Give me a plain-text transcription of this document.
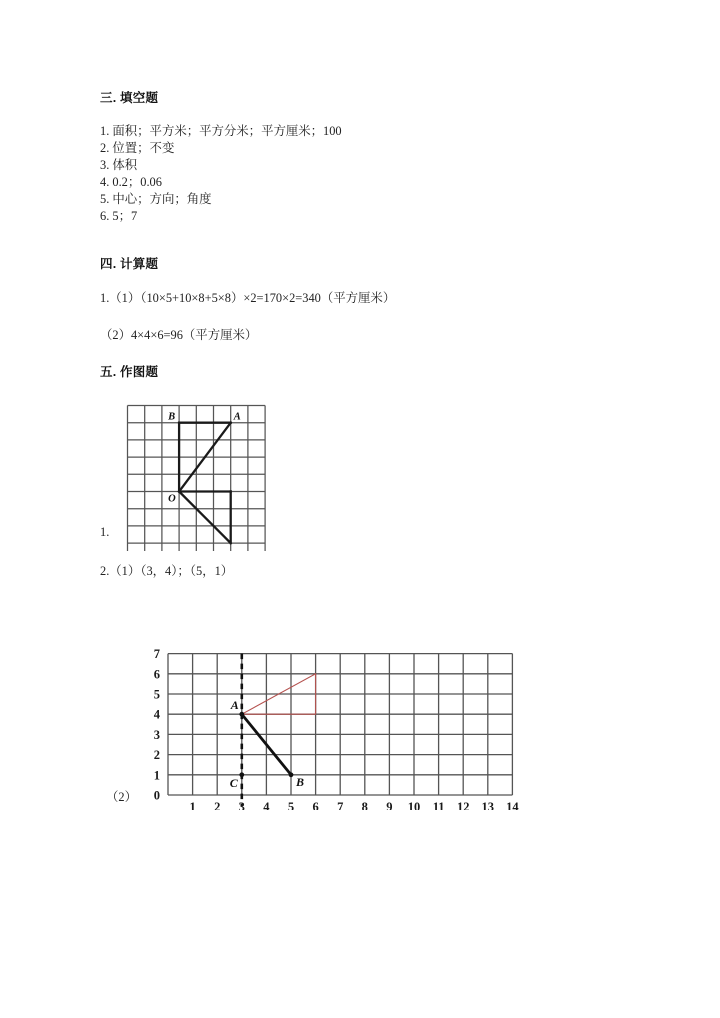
三. 填空题
1. 面积；平方米；平方分米；平方厘米；100
2. 位置；不变
3. 体积
4. 0.2；0.06
5. 中心；方向；角度
6. 5；7
四. 计算题
1.（1）（10×5+10×8+5×8）×2=170×2=340（平方厘米）
（2）4×4×6=96（平方厘米）
五. 作图题
1.
B	A
O
2.（1）（3，4）；（5，1）
（2）
1 2 3 4 5 6 7 8 9 10 11 12 13 14
0
1
2
3
4
5
6
7
A
B
C
